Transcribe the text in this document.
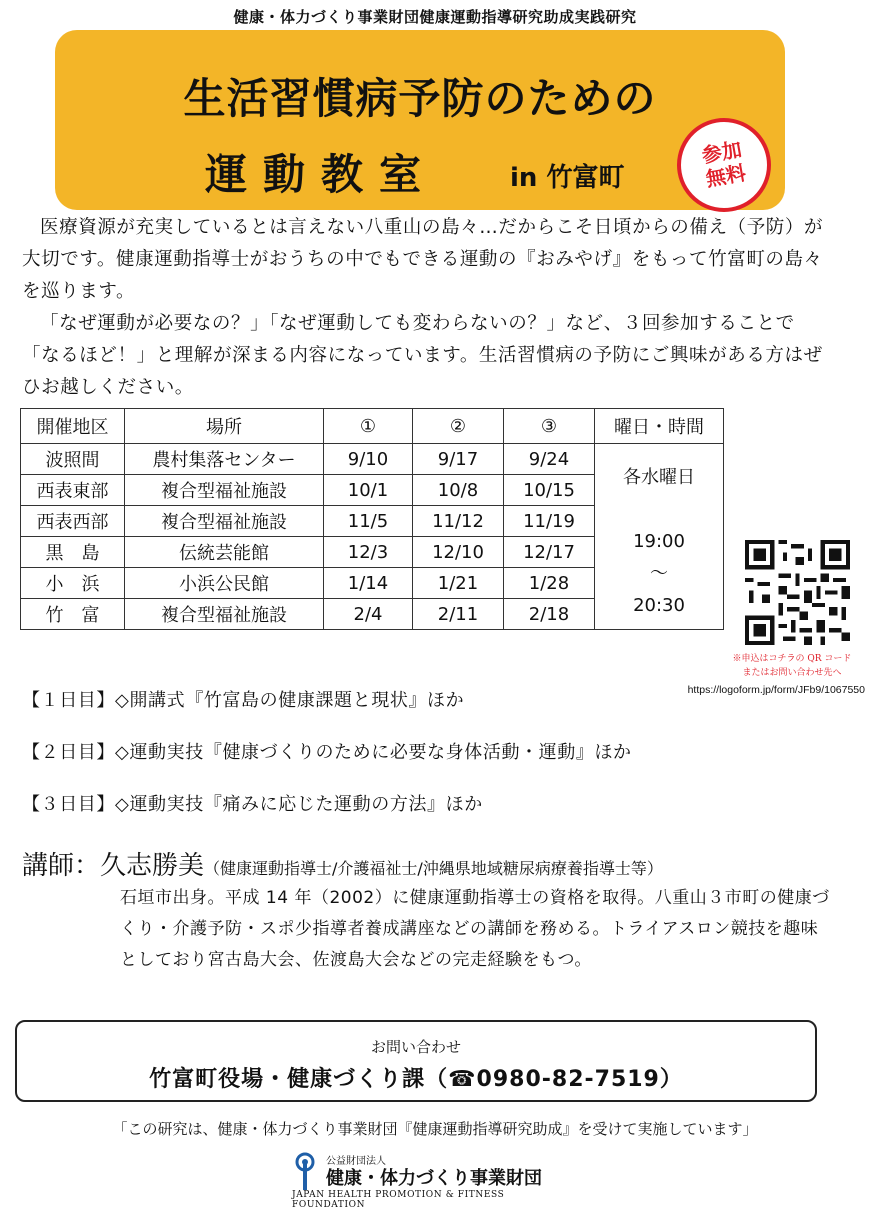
健康・体力づくり事業財団健康運動指導研究助成実践研究
生活習慣病予防のための
運動教室	in 竹富町
参加
無料
医療資源が充実しているとは言えない八重山の島々…だからこそ日頃からの備え（予防）が大切です。健康運動指導士がおうちの中でもできる運動の『おみやげ』をもって竹富町の島々を巡ります。
「なぜ運動が必要なの？」「なぜ運動しても変わらないの？」など、３回参加することで「なるほど！」と理解が深まる内容になっています。生活習慣病の予防にご興味がある方はぜひお越しください。
開催地区	場所	①	②	③	曜日・時間
波照間	農村集落センター	9/10	9/17	9/24	各水曜日
19:00
～
20:30

西表東部	複合型福祉施設	10/1	10/8	10/15	
西表西部	複合型福祉施設	11/5	11/12	11/19	
黒　島	伝統芸能館	12/3	12/10	12/17	
小　浜	小浜公民館	1/14	1/21	1/28	
竹　富	複合型福祉施設	2/4	2/11	2/18	
※申込はコチラの QR コード
またはお問い合わせ先へ
https://logoform.jp/form/JFb9/1067550
【１日目】◇開講式『竹富島の健康課題と現状』ほか
【２日目】◇運動実技『健康づくりのために必要な身体活動・運動』ほか
【３日目】◇運動実技『痛みに応じた運動の方法』ほか
講師：久志勝美（健康運動指導士/介護福祉士/沖縄県地域糖尿病療養指導士等）
石垣市出身。平成 14 年（2002）に健康運動指導士の資格を取得。八重山３市町の健康づくり・介護予防・スポ少指導者養成講座などの講師を務める。トライアスロン競技を趣味としており宮古島大会、佐渡島大会などの完走経験をもつ。
お問い合わせ
竹富町役場・健康づくり課（☎0980-82-7519）
「この研究は、健康・体力づくり事業財団『健康運動指導研究助成』を受けて実施しています」
公益財団法人
健康・体力づくり事業財団
JAPAN HEALTH PROMOTION & FITNESS FOUNDATION
